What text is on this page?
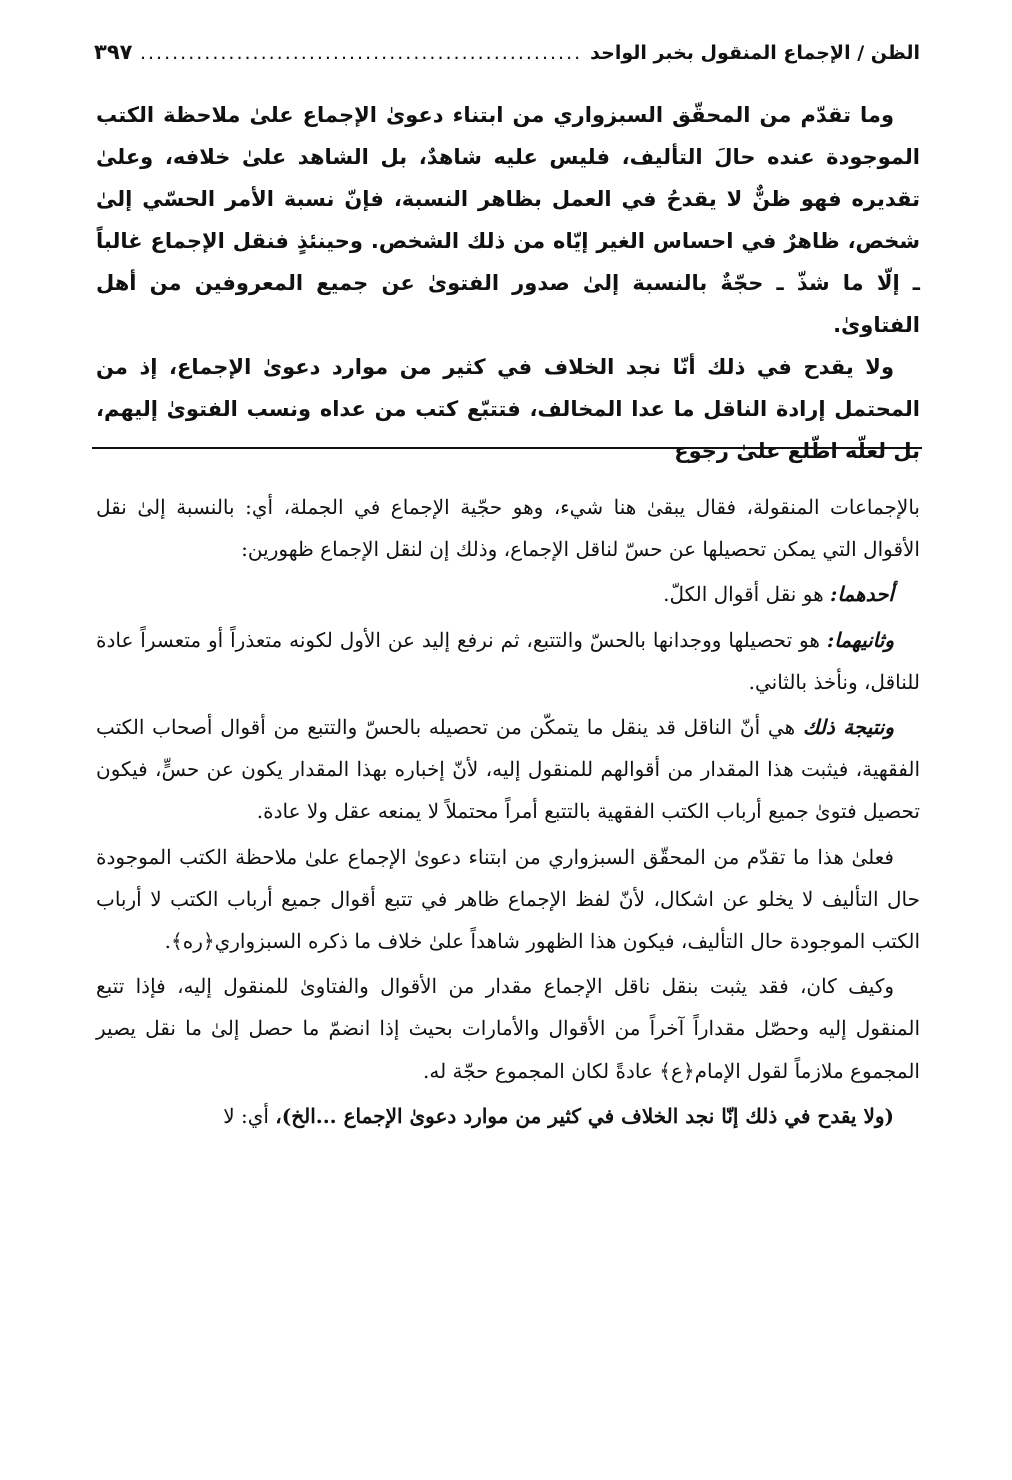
الظن / الإجماع المنقول بخبر الواحد
.....
٣٩٧

وما تقدّم من المحقّق السبزواري من ابتناء دعوىٰ الإجماع علىٰ ملاحظة الكتب الموجودة عنده حالَ التأليف، فليس عليه شاهدٌ، بل الشاهد علىٰ خلافه، وعلىٰ تقديره فهو ظنٌّ لا يقدحُ في العمل بظاهر النسبة، فإنّ نسبة الأمر الحسّي إلىٰ شخص، ظاهرٌ في احساس الغير إيّاه من ذلك الشخص. وحينئذٍ فنقل الإجماع غالباً ـ إلّا ما شذّ ـ حجّةٌ بالنسبة إلىٰ صدور الفتوىٰ عن جميع المعروفين من أهل الفتاوىٰ.

ولا يقدح في ذلك أنّا نجد الخلاف في كثير من موارد دعوىٰ الإجماع، إذ من المحتمل إرادة الناقل ما عدا المخالف، فتتبّع كتب من عداه ونسب الفتوىٰ إليهم، بل لعلّه اطّلع علىٰ رجوع

بالإجماعات المنقولة، فقال يبقىٰ هنا شيء، وهو حجّية الإجماع في الجملة، أي: بالنسبة إلىٰ نقل الأقوال التي يمكن تحصيلها عن حسّ لناقل الإجماع، وذلك إن لنقل الإجماع ظهورين:

أحدهما: هو نقل أقوال الكلّ.

وثانيهما: هو تحصيلها ووجدانها بالحسّ والتتبع، ثم نرفع إليد عن الأول لكونه متعذراً أو متعسراً عادة للناقل، ونأخذ بالثاني.

ونتيجة ذلك هي أنّ الناقل قد ينقل ما يتمكّن من تحصيله بالحسّ والتتبع من أقوال أصحاب الكتب الفقهية، فيثبت هذا المقدار من أقوالهم للمنقول إليه، لأنّ إخباره بهذا المقدار يكون عن حسٍّ، فيكون تحصيل فتوىٰ جميع أرباب الكتب الفقهية بالتتبع أمراً محتملاً لا يمنعه عقل ولا عادة.

فعلىٰ هذا ما تقدّم من المحقّق السبزواري من ابتناء دعوىٰ الإجماع علىٰ ملاحظة الكتب الموجودة حال التأليف لا يخلو عن اشكال، لأنّ لفظ الإجماع ظاهر في تتبع أقوال جميع أرباب الكتب لا أرباب الكتب الموجودة حال التأليف، فيكون هذا الظهور شاهداً علىٰ خلاف ما ذكره السبزواري﴿ره﴾.

وكيف كان، فقد يثبت بنقل ناقل الإجماع مقدار من الأقوال والفتاوىٰ للمنقول إليه، فإذا تتبع المنقول إليه وحصّل مقداراً آخراً من الأقوال والأمارات بحيث إذا انضمّ ما حصل إلىٰ ما نقل يصير المجموع ملازماً لقول الإمام﴿ع﴾ عادةً لكان المجموع حجّة له.

(ولا يقدح في ذلك إنّا نجد الخلاف في كثير من موارد دعوىٰ الإجماع ...الخ)، أي: لا
